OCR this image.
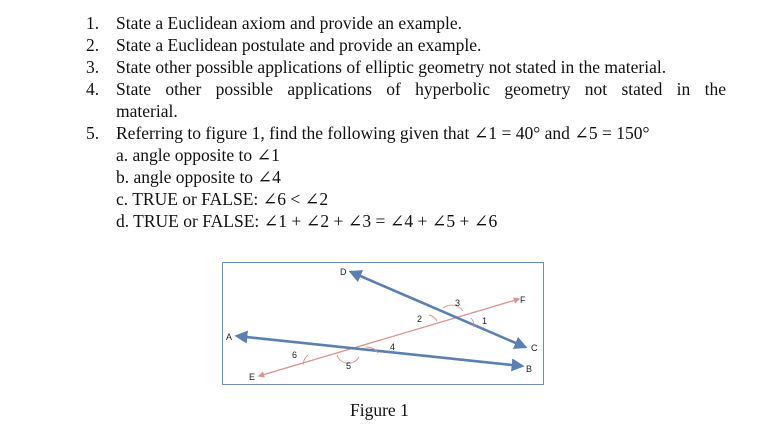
1. State a Euclidean axiom and provide an example.
2. State a Euclidean postulate and provide an example.
3. State other possible applications of elliptic geometry not stated in the material.
4. State other possible applications of hyperbolic geometry not stated in the
material.
5. Referring to figure 1, find the following given that ∠1 = 40° and ∠5 = 150°
a. angle opposite to ∠1
b. angle opposite to ∠4
c. TRUE or FALSE: ∠6 < ∠2
d. TRUE or FALSE: ∠1 + ∠2 + ∠3 = ∠4 + ∠5 + ∠6
A
B
C
D
E
F
1
2
3
4
5
6
Figure 1
